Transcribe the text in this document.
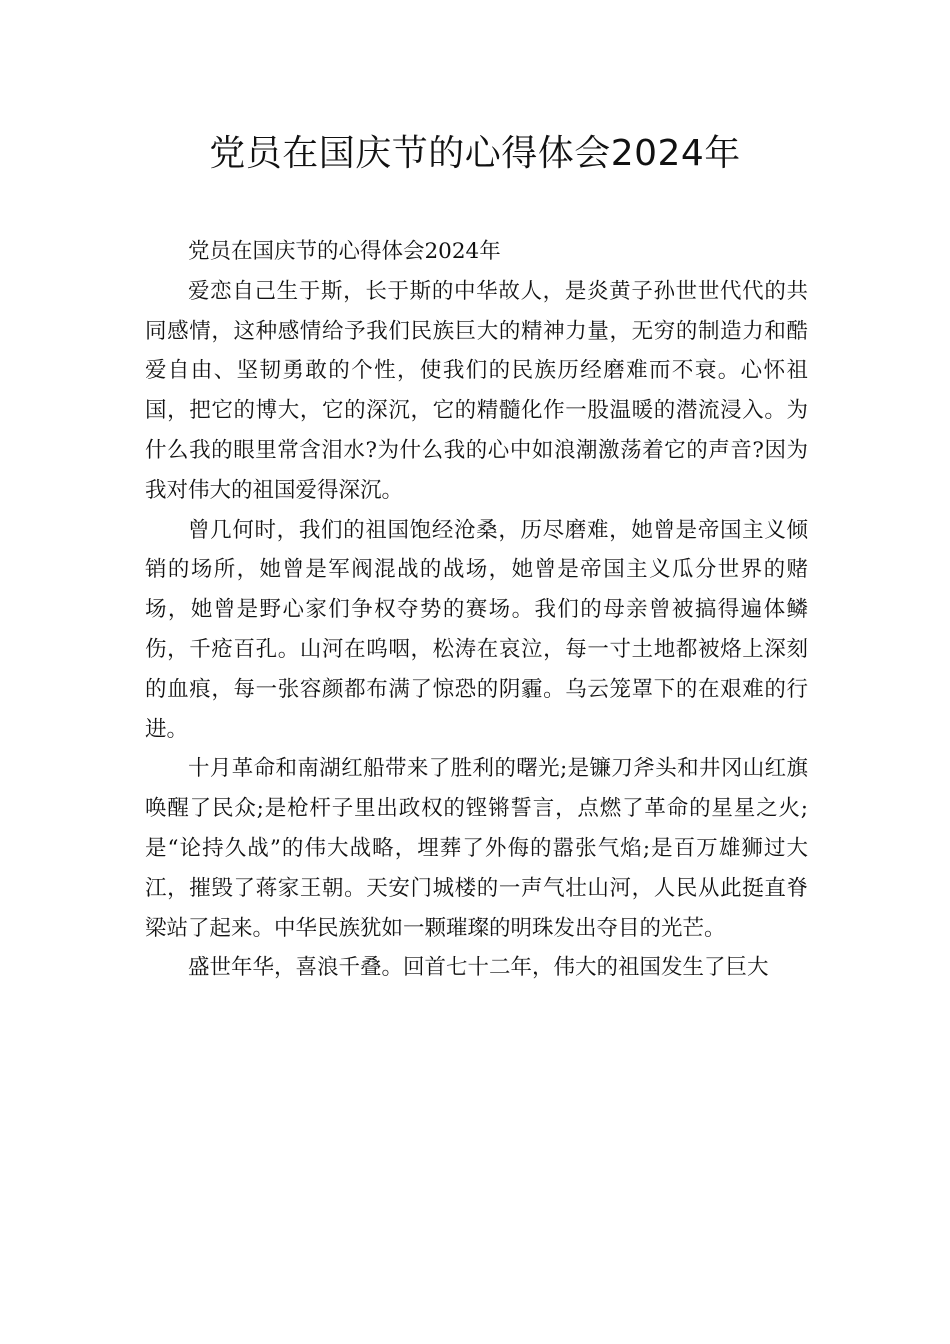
党员在国庆节的心得体会2024年

党员在国庆节的心得体会2024年

爱恋自己生于斯，长于斯的中华故人，是炎黄子孙世世代代的共同感情，这种感情给予我们民族巨大的精神力量，无穷的制造力和酷爱自由、坚韧勇敢的个性，使我们的民族历经磨难而不衰。心怀祖国，把它的博大，它的深沉，它的精髓化作一股温暖的潜流浸入。为什么我的眼里常含泪水?为什么我的心中如浪潮激荡着它的声音?因为我对伟大的祖国爱得深沉。

曾几何时，我们的祖国饱经沧桑，历尽磨难，她曾是帝国主义倾销的场所，她曾是军阀混战的战场，她曾是帝国主义瓜分世界的赌场，她曾是野心家们争权夺势的赛场。我们的母亲曾被搞得遍体鳞伤，千疮百孔。山河在呜咽，松涛在哀泣，每一寸土地都被烙上深刻的血痕，每一张容颜都布满了惊恐的阴霾。乌云笼罩下的在艰难的行进。

十月革命和南湖红船带来了胜利的曙光;是镰刀斧头和井冈山红旗唤醒了民众;是枪杆子里出政权的铿锵誓言，点燃了革命的星星之火;是“论持久战”的伟大战略，埋葬了外侮的嚣张气焰;是百万雄狮过大江，摧毁了蒋家王朝。天安门城楼的一声气壮山河，人民从此挺直脊梁站了起来。中华民族犹如一颗璀璨的明珠发出夺目的光芒。

盛世年华，喜浪千叠。回首七十二年，伟大的祖国发生了巨大
